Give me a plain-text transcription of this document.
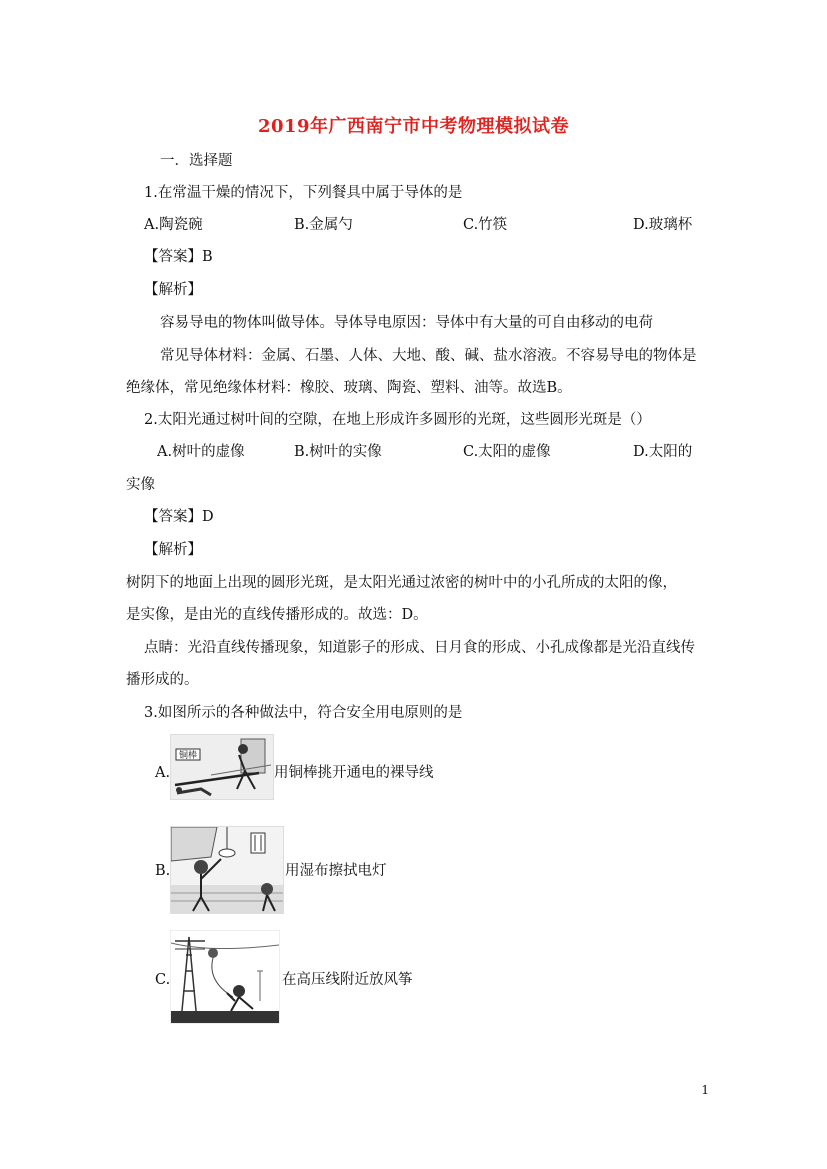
2019年广西南宁市中考物理模拟试卷
一．选择题
1.在常温干燥的情况下，下列餐具中属于导体的是
A.陶瓷碗	B.金属勺	C.竹筷	D.玻璃杯
【答案】B
【解析】
容易导电的物体叫做导体。导体导电原因：导体中有大量的可自由移动的电荷
常见导体材料：金属、石墨、人体、大地、酸、碱、盐水溶液。不容易导电的物体是
绝缘体，常见绝缘体材料：橡胶、玻璃、陶瓷、塑料、油等。故选B。
2.太阳光通过树叶间的空隙，在地上形成许多圆形的光斑，这些圆形光斑是（）
A.树叶的虚像	B.树叶的实像	C.太阳的虚像	D.太阳的
实像
【答案】D
【解析】
树阴下的地面上出现的圆形光斑，是太阳光通过浓密的树叶中的小孔所成的太阳的像，
是实像，是由光的直线传播形成的。故选：D。
点睛：光沿直线传播现象，知道影子的形成、日月食的形成、小孔成像都是光沿直线传
播形成的。
3.如图所示的各种做法中，符合安全用电原则的是
A.
铜棒
用铜棒挑开通电的裸导线
B.	用湿布擦拭电灯
C.	在高压线附近放风筝
1
